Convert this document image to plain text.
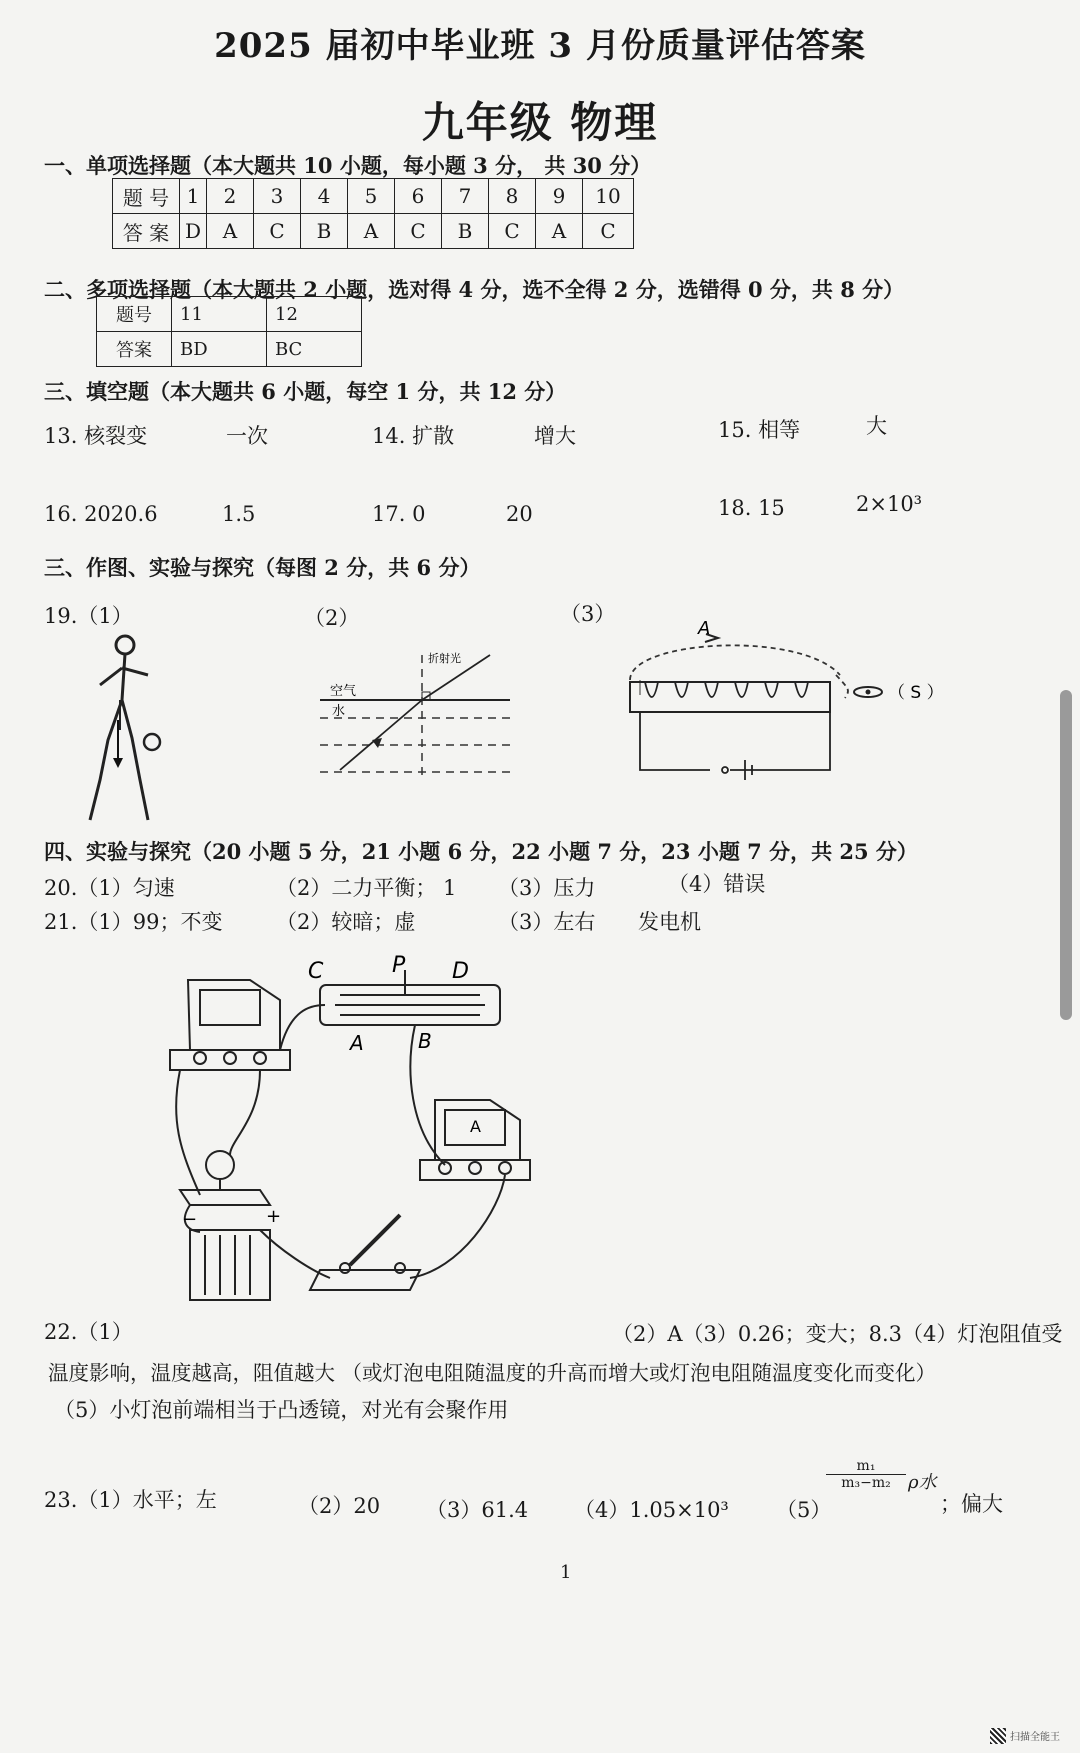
2025 届初中毕业班 3 月份质量评估答案
九年级 物理
一、单项选择题（本大题共 10 小题，每小题 3 分， 共 30 分）
题 号	1	2	3	4	5	6	7	8	9	10
答 案	D	A	C	B	A	C	B	C	A	C
二、多项选择题（本大题共 2 小题，选对得 4 分，选不全得 2 分，选错得 0 分，共 8 分）
题号	11	12
答案	BD	BC
三、填空题（本大题共 6 小题，每空 1 分，共 12 分）
13. 核裂变	一次	14. 扩散	增大	15. 相等	大
16. 2020.6	1.5	17. 0	20	18. 15	2×10³
三、作图、实验与探究（每图 2 分，共 6 分）
19.（1）	（2）	（3）
空气
水
折射光
A
（ S ）
四、实验与探究（20 小题 5 分，21 小题 6 分，22 小题 7 分，23 小题 7 分，共 25 分）
20.（1）匀速	（2）二力平衡； 1 （3）压力	（4）错误
21.（1）99；不变	（2）较暗；虚	（3）左右 发电机
C	P D
A	B
−	+
A
22.（1）	（2）A（3）0.26；变大；8.3（4）灯泡阻值受
温度影响，温度越高，阻值越大 （或灯泡电阻随温度的升高而增大或灯泡电阻随温度变化而变化）
（5）小灯泡前端相当于凸透镜，对光有会聚作用
23.（1）水平；左	（2）20 （3）61.4 （4）1.05×10³ （5）
$\frac{\text{m₁}}{\text{m₃−m₂}}$ ρ水
；偏大
1
扫描全能王
